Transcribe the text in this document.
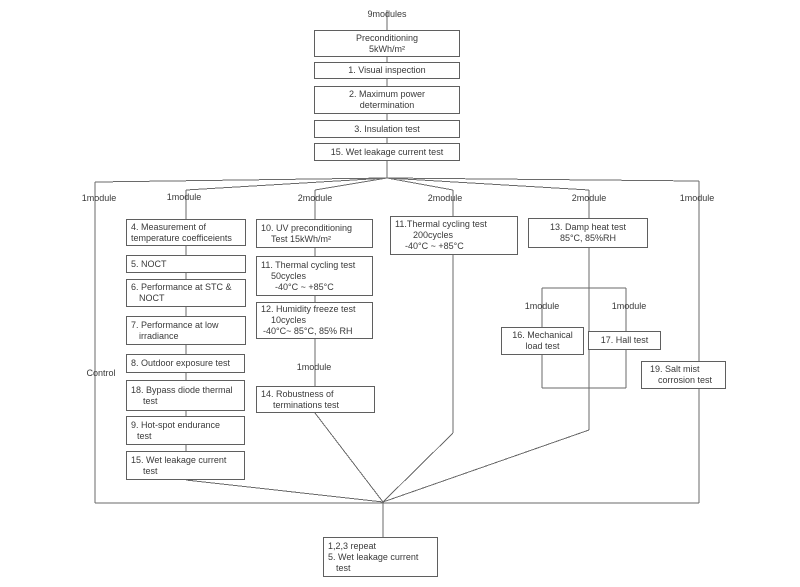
9modules
1module	1module	2module	2module	2module	1module
Control
1module
1module	1module
Preconditioning
5kWh/m²
1. Visual inspection
2. Maximum power
determination
3. Insulation test
15. Wet leakage current test
4. Measurement of
temperature coefficeients
5. NOCT
6. Performance at STC &
NOCT
7. Performance at low
irradiance
8. Outdoor exposure test
18. Bypass diode thermal
test
9. Hot-spot endurance
test
15. Wet leakage current
test
10. UV preconditioning
Test 15kWh/m²
11. Thermal cycling test
50cycles
-40°C ~ +85°C
12. Humidity freeze test
10cycles
-40°C~ 85°C, 85% RH
14. Robustness of
terminations test
11.Thermal cycling test
200cycles
-40°C ~ +85°C
13. Damp heat test
85°C, 85%RH
16. Mechanical
load test
17. Hall test
19. Salt mist
corrosion test
1,2,3 repeat
5. Wet leakage current
test
